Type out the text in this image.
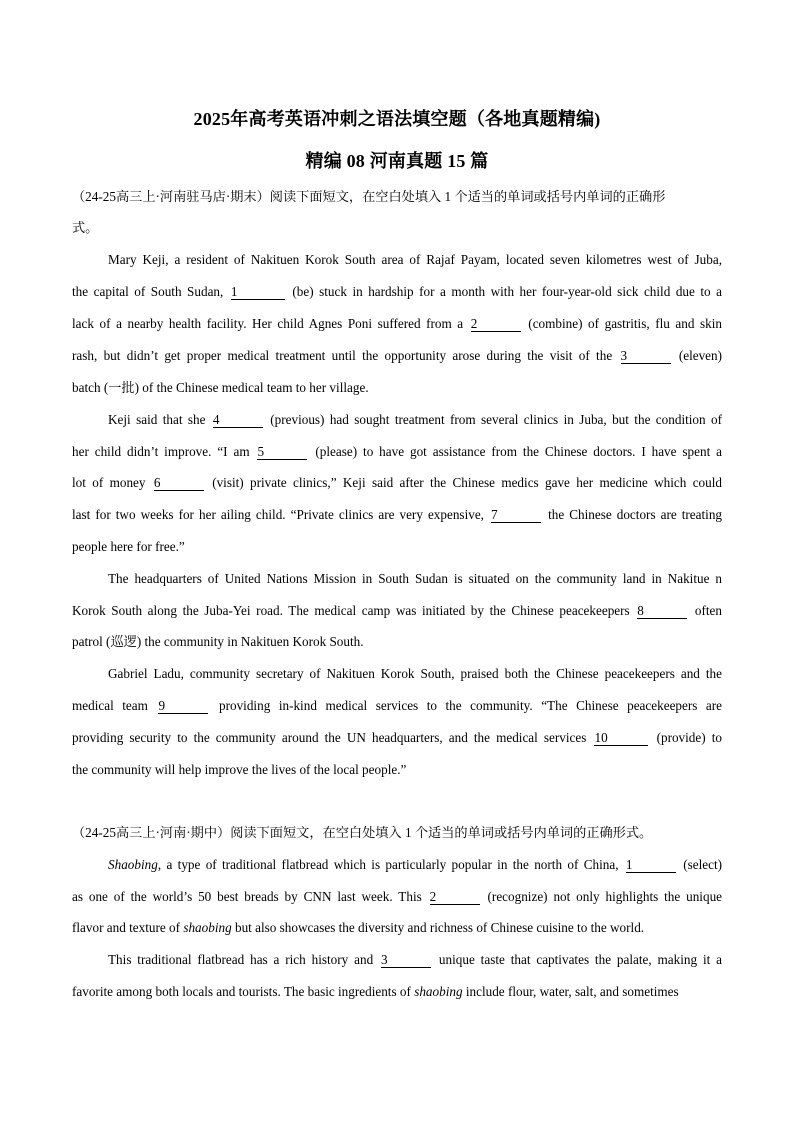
2025年高考英语冲刺之语法填空题（各地真题精编)
精编 08 河南真题 15 篇
（24-25高三上·河南驻马店·期末）阅读下面短文，在空白处填入 1 个适当的单词或括号内单词的正确形
式。
Mary Keji, a resident of Nakituen Korok South area of Rajaf Payam, located seven kilometres west of Juba,
the capital of South Sudan, 1	(be) stuck in hardship for a month with her four-year-old sick child due to a
lack of a nearby health facility. Her child Agnes Poni suffered from a 2	(combine) of gastritis, flu and skin
rash, but didn’t get proper medical treatment until the opportunity arose during the visit of the 3	(eleven)
batch (一批) of the Chinese medical team to her village.
Keji said that she 4	(previous) had sought treatment from several clinics in Juba, but the condition of
her child didn’t improve. “I am 5	(please) to have got assistance from the Chinese doctors. I have spent a
lot of money 6	(visit) private clinics,” Keji said after the Chinese medics gave her medicine which could
last for two weeks for her ailing child. “Private clinics are very expensive, 7	the Chinese doctors are treating
people here for free.”
The headquarters of United Nations Mission in South Sudan is situated on the community land in Nakitue n
Korok South along the Juba-Yei road. The medical camp was initiated by the Chinese peacekeepers 8	often
patrol (巡逻) the community in Nakituen Korok South.
Gabriel Ladu, community secretary of Nakituen Korok South, praised both the Chinese peacekeepers and the
medical team 9	providing in-kind medical services to the community. “The Chinese peacekeepers are
providing security to the community around the UN headquarters, and the medical services 10	(provide) to
the community will help improve the lives of the local people.”
（24-25高三上·河南·期中）阅读下面短文，在空白处填入 1 个适当的单词或括号内单词的正确形式。
Shaobing, a type of traditional flatbread which is particularly popular in the north of China, 1	(select)
as one of the world’s 50 best breads by CNN last week. This 2	(recognize) not only highlights the unique
flavor and texture of shaobing but also showcases the diversity and richness of Chinese cuisine to the world.
This traditional flatbread has a rich history and 3	unique taste that captivates the palate, making it a
favorite among both locals and tourists. The basic ingredients of shaobing include flour, water, salt, and sometimes
